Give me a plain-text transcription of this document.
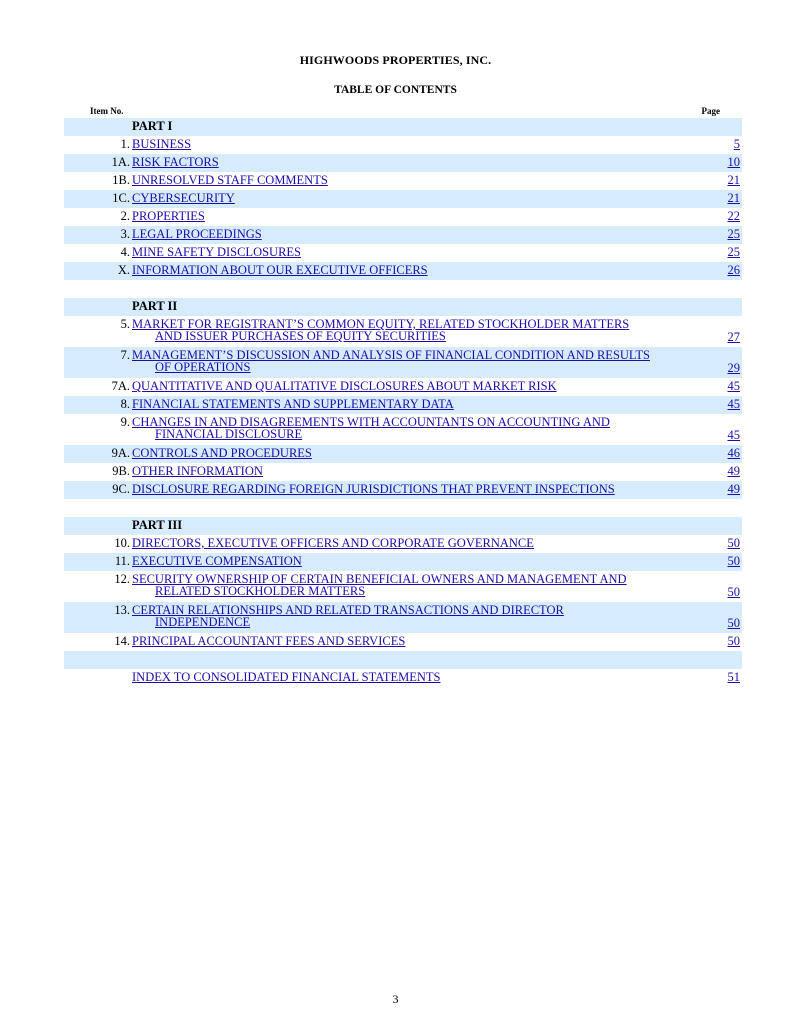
HIGHWOODS PROPERTIES, INC.
TABLE OF CONTENTS
Item No.	Page
PART I
1. BUSINESS	5
1A. RISK FACTORS	10
1B. UNRESOLVED STAFF COMMENTS	21
1C. CYBERSECURITY	21
2. PROPERTIES	22
3. LEGAL PROCEEDINGS	25
4. MINE SAFETY DISCLOSURES	25
X. INFORMATION ABOUT OUR EXECUTIVE OFFICERS	26
PART II
5. MARKET FOR REGISTRANT’S COMMON EQUITY, RELATED STOCKHOLDER MATTERS
AND ISSUER PURCHASES OF EQUITY SECURITIES	27
7. MANAGEMENT’S DISCUSSION AND ANALYSIS OF FINANCIAL CONDITION AND RESULTS
OF OPERATIONS	29
7A. QUANTITATIVE AND QUALITATIVE DISCLOSURES ABOUT MARKET RISK	45
8. FINANCIAL STATEMENTS AND SUPPLEMENTARY DATA	45
9. CHANGES IN AND DISAGREEMENTS WITH ACCOUNTANTS ON ACCOUNTING AND
FINANCIAL DISCLOSURE	45
9A. CONTROLS AND PROCEDURES	46
9B. OTHER INFORMATION	49
9C. DISCLOSURE REGARDING FOREIGN JURISDICTIONS THAT PREVENT INSPECTIONS	49
PART III
10. DIRECTORS, EXECUTIVE OFFICERS AND CORPORATE GOVERNANCE	50
11. EXECUTIVE COMPENSATION	50
12. SECURITY OWNERSHIP OF CERTAIN BENEFICIAL OWNERS AND MANAGEMENT AND
RELATED STOCKHOLDER MATTERS	50
13. CERTAIN RELATIONSHIPS AND RELATED TRANSACTIONS AND DIRECTOR
INDEPENDENCE	50
14. PRINCIPAL ACCOUNTANT FEES AND SERVICES	50
INDEX TO CONSOLIDATED FINANCIAL STATEMENTS	51
3
